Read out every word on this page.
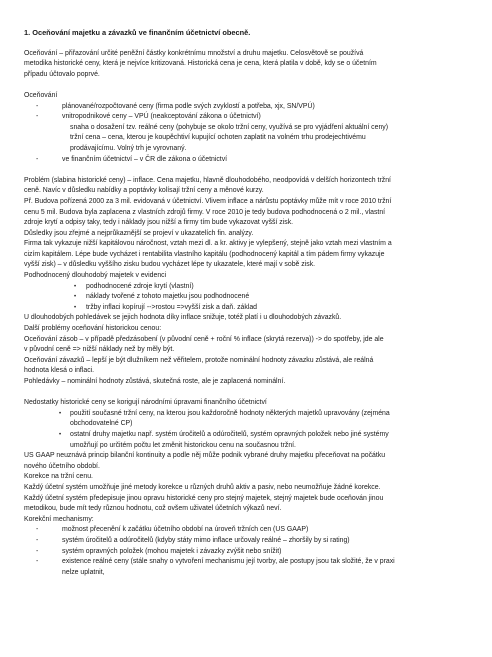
1. Oceňování majetku a závazků ve finančním účetnictví obecně.

Oceňování – přiřazování určité peněžní částky konkrétnímu množství a druhu majetku. Celosvětově se používá

metodika historické ceny, která je nejvíce kritizovaná. Historická cena je cena, která platila v době, kdy se o účetním

případu účtovalo poprvé.

Oceňování

- plánované/rozpočtované ceny (firma podle svých zvyklostí a potřeba, xjx, SN/VPÚ)

- vnitropodnikové ceny – VPÚ (neakceptování zákona o účetnictví)

snaha o dosažení tzv. reálné ceny (pohybuje se okolo tržní ceny, využívá se pro vyjádření aktuální ceny)

tržní cena – cena, kterou je koupěchtiví kupující ochoten zaplatit na volném trhu prodejechtivému

prodávajícímu. Volný trh je vyrovnaný.

- ve finančním účetnictví – v ČR dle zákona o účetnictví

Problém (slabina historické ceny) – inflace. Cena majetku, hlavně dlouhodobého, neodpovídá v delších horizontech tržní

ceně. Navíc v důsledku nabídky a poptávky kolísají tržní ceny a měnové kurzy.

Př. Budova pořízená 2000 za 3 mil. evidovaná v účetnictví. Vlivem inflace a nárůstu poptávky může mít v roce 2010 tržní

cenu 5 mil. Budova byla zaplacena z vlastních zdrojů firmy. V roce 2010 je tedy budova podhodnocená o 2 mil., vlastní

zdroje krytí a odpisy taky, tedy i náklady jsou nižší a firmy tím bude vykazovat vyšší zisk.

Důsledky jsou zřejmé a nejprůkaznější se projeví v ukazatelích fin. analýzy.

Firma tak vykazuje nižší kapitálovou náročnost, vztah mezi dl. a kr. aktivy je vylepšený, stejně jako vztah mezi vlastním a

cizím kapitálem. Lépe bude vycházet i rentabilita vlastního kapitálu (podhodnocený kapitál a tím pádem firmy vykazuje

vyšší zisk) – v důsledku vyššího zisku budou vycházet lépe ty ukazatele, které mají v sobě zisk.

Podhodnocený dlouhodobý majetek v evidenci

• podhodnocené zdroje krytí (vlastní)

• náklady tvořené z tohoto majetku jsou podhodnocené

• tržby inflaci kopírují -->rostou =>vyšší zisk a daň. základ

U dlouhodobých pohledávek se jejich hodnota díky inflace snižuje, totéž platí i u dlouhodobých závazků.

Další problémy oceňování historickou cenou:

Oceňování zásob – v případě předzásobení (v původní ceně + roční % inflace (skrytá rezerva)) -> do spotřeby, jde ale

v původní ceně => nižší náklady než by měly být.

Oceňování závazků – lepší je být dlužníkem než věřitelem, protože nominální hodnoty závazku zůstává, ale reálná

hodnota klesá o inflaci.

Pohledávky – nominální hodnoty zůstává, skutečná roste, ale je zaplacená nominální.

Nedostatky historické ceny se korigují národními úpravami finančního účetnictví

• použití současné tržní ceny, na kterou jsou každoročně hodnoty některých majetků upravovány (zejména

obchodovatelné CP)

• ostatní druhy majetku např. systém úročitelů a odúročitelů, systém opravných položek nebo jiné systémy

umožňují po určitém počtu let změnit historickou cenu na současnou tržní.

US GAAP neuznává princip bilanční kontinuity a podle něj může podnik vybrané druhy majetku přeceňovat na počátku

nového účetního období.

Korekce na tržní cenu.

Každý účetní systém umožňuje jiné metody korekce u různých druhů aktiv a pasiv, nebo neumožňuje žádné korekce.

Každý účetní systém předepisuje jinou opravu historické ceny pro stejný majetek, stejný majetek bude oceňován jinou

metodikou, bude mít tedy různou hodnotu, což ovšem uživatel účetních výkazů neví.

Korekční mechanismy:

- možnost přecenění k začátku účetního období na úroveň tržních cen (US GAAP)

- systém úročitelů a odúročitelů (kdyby státy mimo inflace určovaly reálné – zhoršily by si rating)

- systém opravných položek (mohou majetek i závazky zvýšit nebo snížit)

- existence reálné ceny (stále snahy o vytvoření mechanismu její tvorby, ale postupy jsou tak složité, že v praxi

nelze uplatnit,
